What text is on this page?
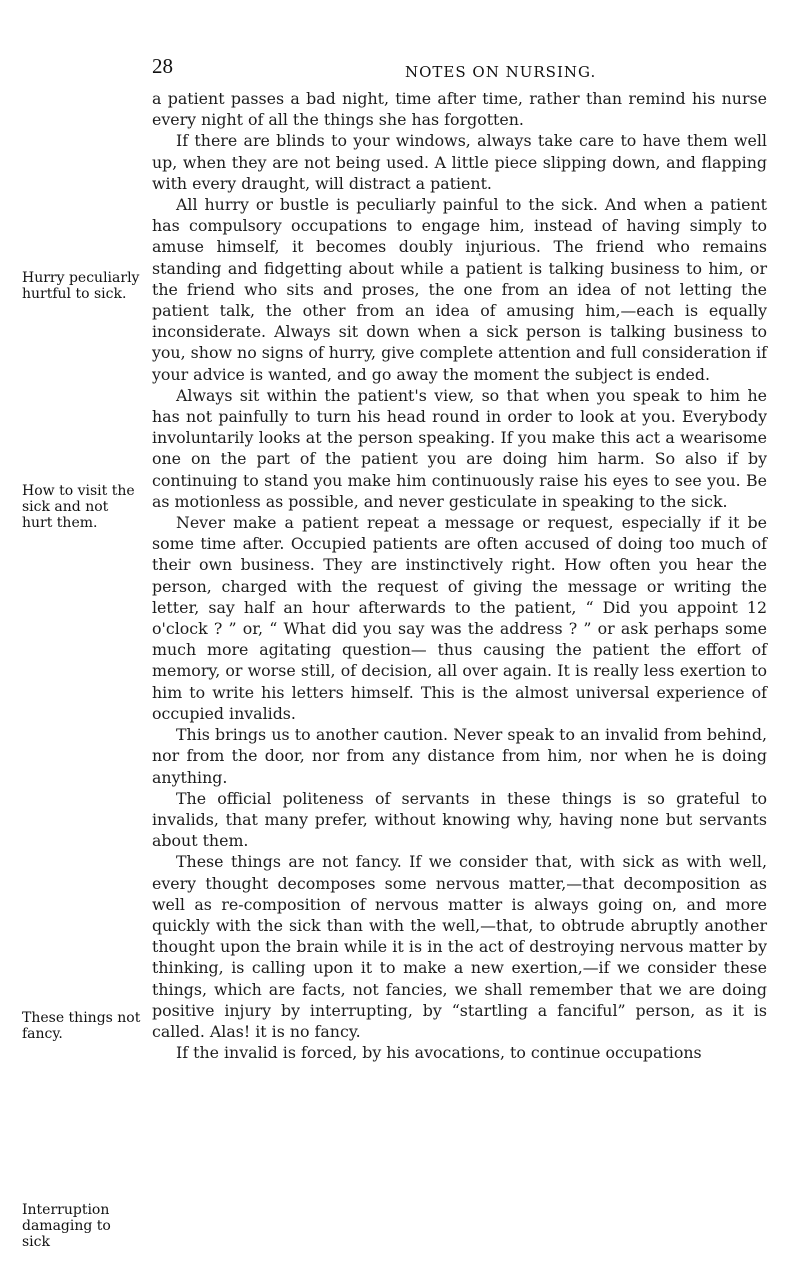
28	NOTES ON NURSING.
Hurry peculiarly hurtful to sick.
How to visit the sick and not hurt them.
These things not fancy.
Interruption damaging to sick

a patient passes a bad night, time after time, rather than remind his nurse every night of all the things she has forgotten.

If there are blinds to your windows, always take care to have them well up, when they are not being used. A little piece slipping down, and flapping with every draught, will distract a patient.

All hurry or bustle is peculiarly painful to the sick. And when a patient has compulsory occupations to engage him, instead of having simply to amuse himself, it becomes doubly injurious. The friend who remains standing and fidgetting about while a patient is talking business to him, or the friend who sits and proses, the one from an idea of not letting the patient talk, the other from an idea of amusing him,—each is equally inconsiderate. Always sit down when a sick person is talking business to you, show no signs of hurry, give complete attention and full consideration if your advice is wanted, and go away the moment the subject is ended.

Always sit within the patient's view, so that when you speak to him he has not painfully to turn his head round in order to look at you. Everybody involuntarily looks at the person speaking. If you make this act a wearisome one on the part of the patient you are doing him harm. So also if by continuing to stand you make him continuously raise his eyes to see you. Be as motionless as possible, and never gesticulate in speaking to the sick.

Never make a patient repeat a message or request, especially if it be some time after. Occupied patients are often accused of doing too much of their own business. They are instinctively right. How often you hear the person, charged with the request of giving the message or writing the letter, say half an hour afterwards to the patient, “ Did you appoint 12 o'clock ? ” or, “ What did you say was the address ? ” or ask perhaps some much more agitating question— thus causing the patient the effort of memory, or worse still, of decision, all over again. It is really less exertion to him to write his letters himself. This is the almost universal experience of occupied invalids.

This brings us to another caution. Never speak to an invalid from behind, nor from the door, nor from any distance from him, nor when he is doing anything.

The official politeness of servants in these things is so grateful to invalids, that many prefer, without knowing why, having none but servants about them.

These things are not fancy. If we consider that, with sick as with well, every thought decomposes some nervous matter,—that decomposition as well as re-composition of nervous matter is always going on, and more quickly with the sick than with the well,—that, to obtrude abruptly another thought upon the brain while it is in the act of destroying nervous matter by thinking, is calling upon it to make a new exertion,—if we consider these things, which are facts, not fancies, we shall remember that we are doing positive injury by interrupting, by “startling a fanciful” person, as it is called. Alas! it is no fancy.

If the invalid is forced, by his avocations, to continue occupations
